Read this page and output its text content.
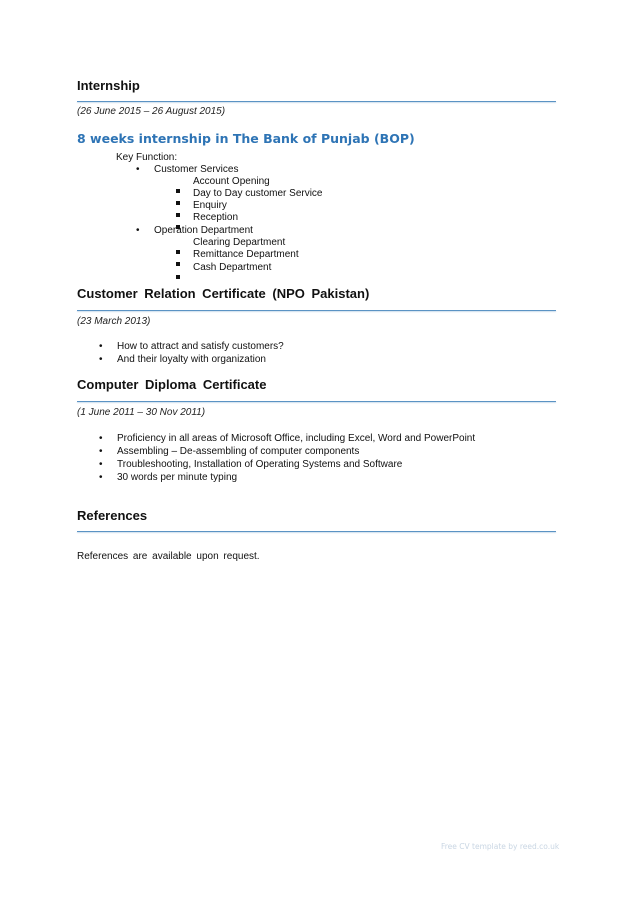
Internship
(26 June 2015 – 26 August 2015)
8 weeks internship in The Bank of Punjab (BOP)
Key Function:
• Customer Services
Account Opening
Day to Day customer Service
Enquiry
Reception
• Operation Department
Clearing Department
Remittance Department
Cash Department
Customer Relation Certificate (NPO Pakistan)
(23 March 2013)
• How to attract and satisfy customers?
• And their loyalty with organization
Computer Diploma Certificate
(1 June 2011 – 30 Nov 2011)
• Proficiency in all areas of Microsoft Office, including Excel, Word and PowerPoint
• Assembling – De-assembling of computer components
• Troubleshooting, Installation of Operating Systems and Software
• 30 words per minute typing
References
References are available upon request.
Free CV template by reed.co.uk
